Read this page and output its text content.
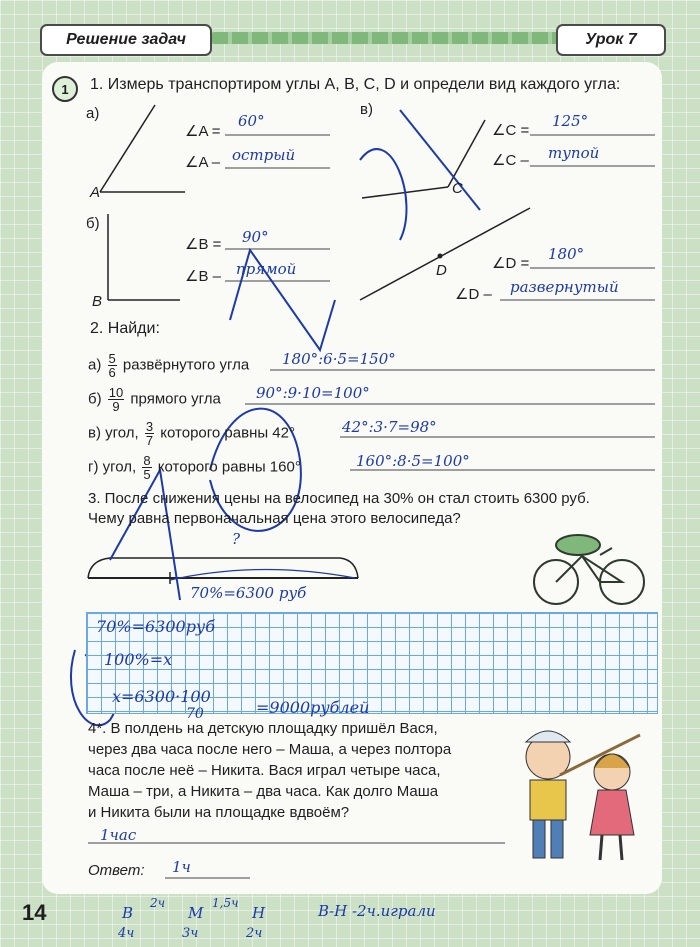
Решение задач	Урок 7
1	1. Измерь транспортиром углы A, B, C, D и определи вид каждого угла:
а)
A
∠A =
60°
∠A – острый
б)
B
∠B = 90°
∠B – прямой
в)
C
∠C =
125°
∠C – тупой
D	∠D =
180°
∠D – развернутый
2. Найди:
$а) \frac{5}{6}$ развёрнутого угла 180°:6·5=150°
$б) \frac{10}{9}$ прямого угла 90°:9·10=100°
в) угол, $\frac{3}{7}$ которого равны 42°	42°:3·7=98°
г) угол, $\frac{8}{5}$ которого равны 160°	160°:8·5=100°
3. После снижения цены на велосипед на 30% он стал стоить 6300 руб.
Чему равна первоначальная цена этого велосипеда?
?
70%=6300 руб
70%=6300руб
100%=x
x=6300·100
70	=9000рублей
4*. В полдень на детскую площадку пришёл Вася,
через два часа после него – Маша, а через полтора
часа после неё – Никита. Вася играл четыре часа,
Маша – три, а Никита – два часа. Как долго Маша
и Никита были на площадке вдвоём?
1час
Ответ: 1ч
14	В
2ч
М
1,5ч
Н
4ч	3ч	2ч
В-Н -2ч.играли
